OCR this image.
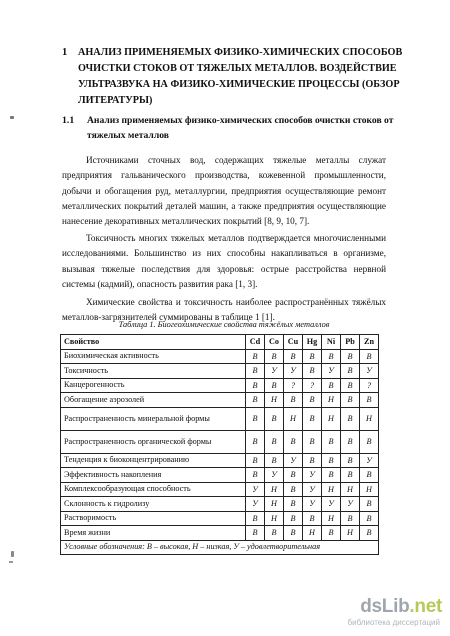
1 АНАЛИЗ ПРИМЕНЯЕМЫХ ФИЗИКО-ХИМИЧЕСКИХ СПОСОБОВ ОЧИСТКИ СТОКОВ ОТ ТЯЖЕЛЫХ МЕТАЛЛОВ. ВОЗДЕЙСТВИЕ УЛЬТРАЗВУКА НА ФИЗИКО-ХИМИЧЕСКИЕ ПРОЦЕССЫ (ОБЗОР ЛИТЕРАТУРЫ)
1.1 Анализ применяемых физико-химических способов очистки стоков от тяжелых металлов

Источниками сточных вод, содержащих тяжелые металлы служат предприятия гальванического производства, кожевенной промышленности, добычи и обогащения руд, металлургии, предприятия осуществляющие ремонт металлических покрытий деталей машин, а также предприятия осуществляющие нанесение декоративных металлических покрытий [8, 9, 10, 7].

Токсичность многих тяжелых металлов подтверждается многочисленными исследованиями. Большинство из них способны накапливаться в организме, вызывая тяжелые последствия для здоровья: острые расстройства нервной системы (кадмий), опасность развития рака [1, 3].

Химические свойства и токсичность наиболее распространённых тяжёлых металлов-загрязнителей суммированы в таблице 1 [1].

Таблица 1. Биогеохимические свойства тяжёлых металлов
Свойство	Cd	Co	Cu	Hg	Ni	Pb	Zn
Биохимическая активность	В	В	В	В	В	В	В
Токсичность	В	У	У	В	У	В	У
Канцерогенность	В	В	?	?	В	В	?
Обогащение аэрозолей	В	Н	В	В	Н	В	В
Распространенность минеральной формы	В	В	Н	В	Н	В	Н
Распространенность органической формы	В	В	В	В	В	В	В
Тенденция к биоконцентрированию	В	В	У	В	В	В	У
Эффективность накопления	В	У	В	У	В	В	В
Комплексообразующая способность	У	Н	В	У	Н	Н	Н
Склонность к гидролизу	У	Н	В	У	У	У	В
Растворимость	В	Н	В	В	Н	В	В
Время жизни	В	В	В	Н	В	Н	В
Условные обозначения: В – высокая, Н – низкая, У – удовлетворительная							
dsLib.net
библиотека диссертаций
